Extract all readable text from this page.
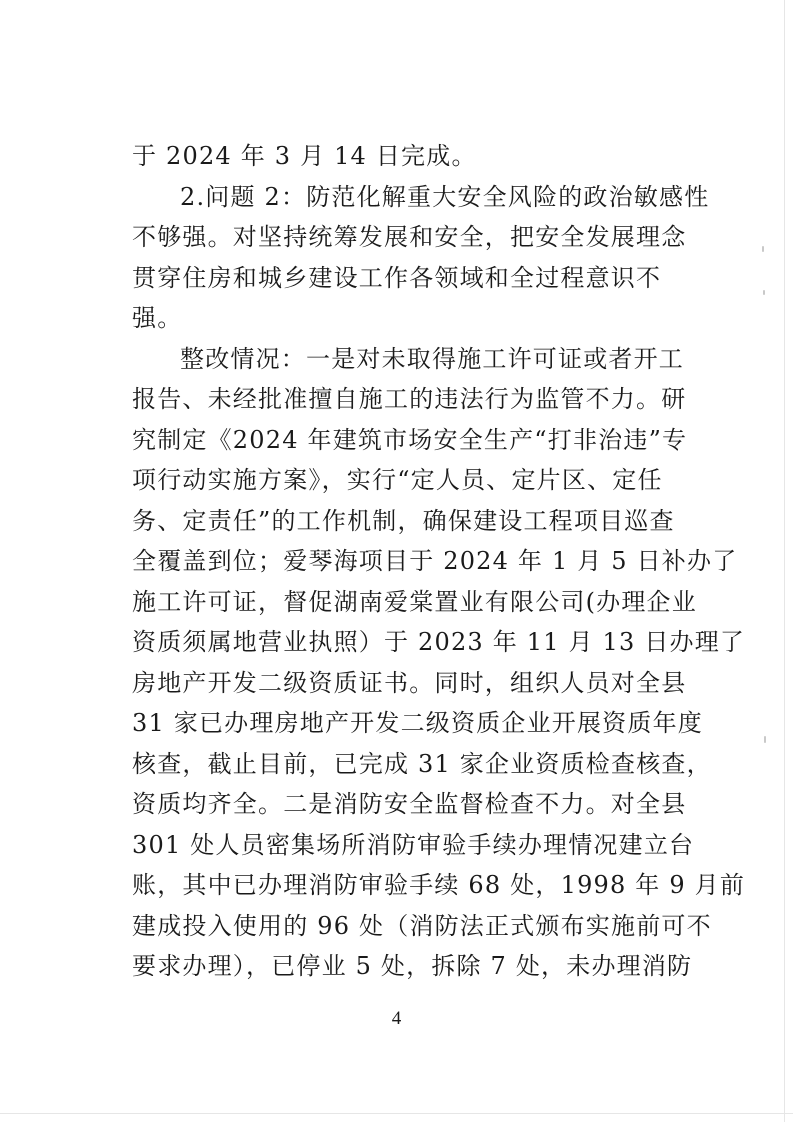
于 2024 年 3 月 14 日完成。
2.问题 2：防范化解重大安全风险的政治敏感性
不够强。对坚持统筹发展和安全，把安全发展理念
贯穿住房和城乡建设工作各领域和全过程意识不
强。
整改情况：一是对未取得施工许可证或者开工
报告、未经批准擅自施工的违法行为监管不力。研
究制定《2024 年建筑市场安全生产“打非治违”专
项行动实施方案》，实行“定人员、定片区、定任
务、定责任”的工作机制，确保建设工程项目巡查
全覆盖到位；爱琴海项目于 2024 年 1 月 5 日补办了
施工许可证，督促湖南爱棠置业有限公司(办理企业
资质须属地营业执照）于 2023 年 11 月 13 日办理了
房地产开发二级资质证书。同时，组织人员对全县
31 家已办理房地产开发二级资质企业开展资质年度
核查，截止目前，已完成 31 家企业资质检查核查，
资质均齐全。二是消防安全监督检查不力。对全县
301 处人员密集场所消防审验手续办理情况建立台
账，其中已办理消防审验手续 68 处，1998 年 9 月前
建成投入使用的 96 处（消防法正式颁布实施前可不
要求办理），已停业 5 处，拆除 7 处，未办理消防
4
